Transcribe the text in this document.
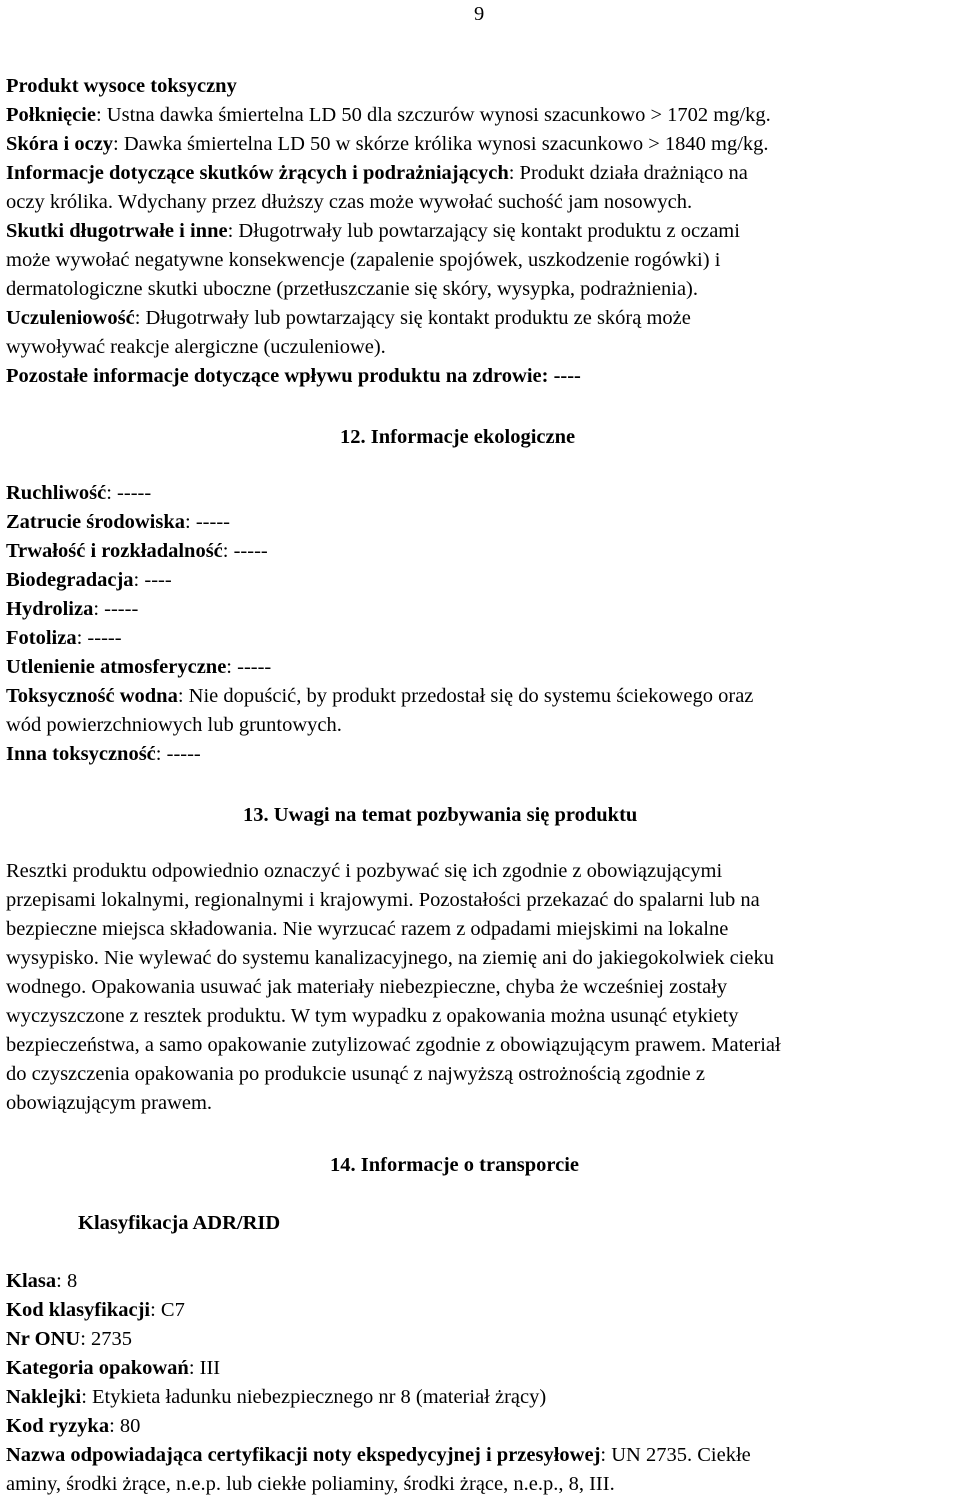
9

Produkt wysoce toksyczny

Połknięcie: Ustna dawka śmiertelna LD 50 dla szczurów wynosi szacunkowo > 1702 mg/kg.

Skóra i oczy: Dawka śmiertelna LD 50 w skórze królika wynosi szacunkowo > 1840 mg/kg.

Informacje dotyczące skutków żrących i podrażniających: Produkt działa drażniąco na

oczy królika. Wdychany przez dłuższy czas może wywołać suchość jam nosowych.

Skutki długotrwałe i inne: Długotrwały lub powtarzający się kontakt produktu z oczami

może wywołać negatywne konsekwencje (zapalenie spojówek, uszkodzenie rogówki) i

dermatologiczne skutki uboczne (przetłuszczanie się skóry, wysypka, podrażnienia).

Uczuleniowość: Długotrwały lub powtarzający się kontakt produktu ze skórą może

wywoływać reakcje alergiczne (uczuleniowe).

Pozostałe informacje dotyczące wpływu produktu na zdrowie: ----

12. Informacje ekologiczne

Ruchliwość: -----

Zatrucie środowiska: -----

Trwałość i rozkładalność: -----

Biodegradacja: ----

Hydroliza: -----

Fotoliza: -----

Utlenienie atmosferyczne: -----

Toksyczność wodna: Nie dopuścić, by produkt przedostał się do systemu ściekowego oraz

wód powierzchniowych lub gruntowych.

Inna toksyczność: -----

13. Uwagi na temat pozbywania się produktu

Resztki produktu odpowiednio oznaczyć i pozbywać się ich zgodnie z obowiązującymi

przepisami lokalnymi, regionalnymi i krajowymi. Pozostałości przekazać do spalarni lub na

bezpieczne miejsca składowania. Nie wyrzucać razem z odpadami miejskimi na lokalne

wysypisko. Nie wylewać do systemu kanalizacyjnego, na ziemię ani do jakiegokolwiek cieku

wodnego. Opakowania usuwać jak materiały niebezpieczne, chyba że wcześniej zostały

wyczyszczone z resztek produktu. W tym wypadku z opakowania można usunąć etykiety

bezpieczeństwa, a samo opakowanie zutylizować zgodnie z obowiązującym prawem. Materiał

do czyszczenia opakowania po produkcie usunąć z najwyższą ostrożnością zgodnie z

obowiązującym prawem.

14. Informacje o transporcie
Klasyfikacja ADR/RID

Klasa: 8

Kod klasyfikacji: C7

Nr ONU: 2735

Kategoria opakowań: III

Naklejki: Etykieta ładunku niebezpiecznego nr 8 (materiał żrący)

Kod ryzyka: 80

Nazwa odpowiadająca certyfikacji noty ekspedycyjnej i przesyłowej: UN 2735. Ciekłe

aminy, środki żrące, n.e.p. lub ciekłe poliaminy, środki żrące, n.e.p., 8, III.
